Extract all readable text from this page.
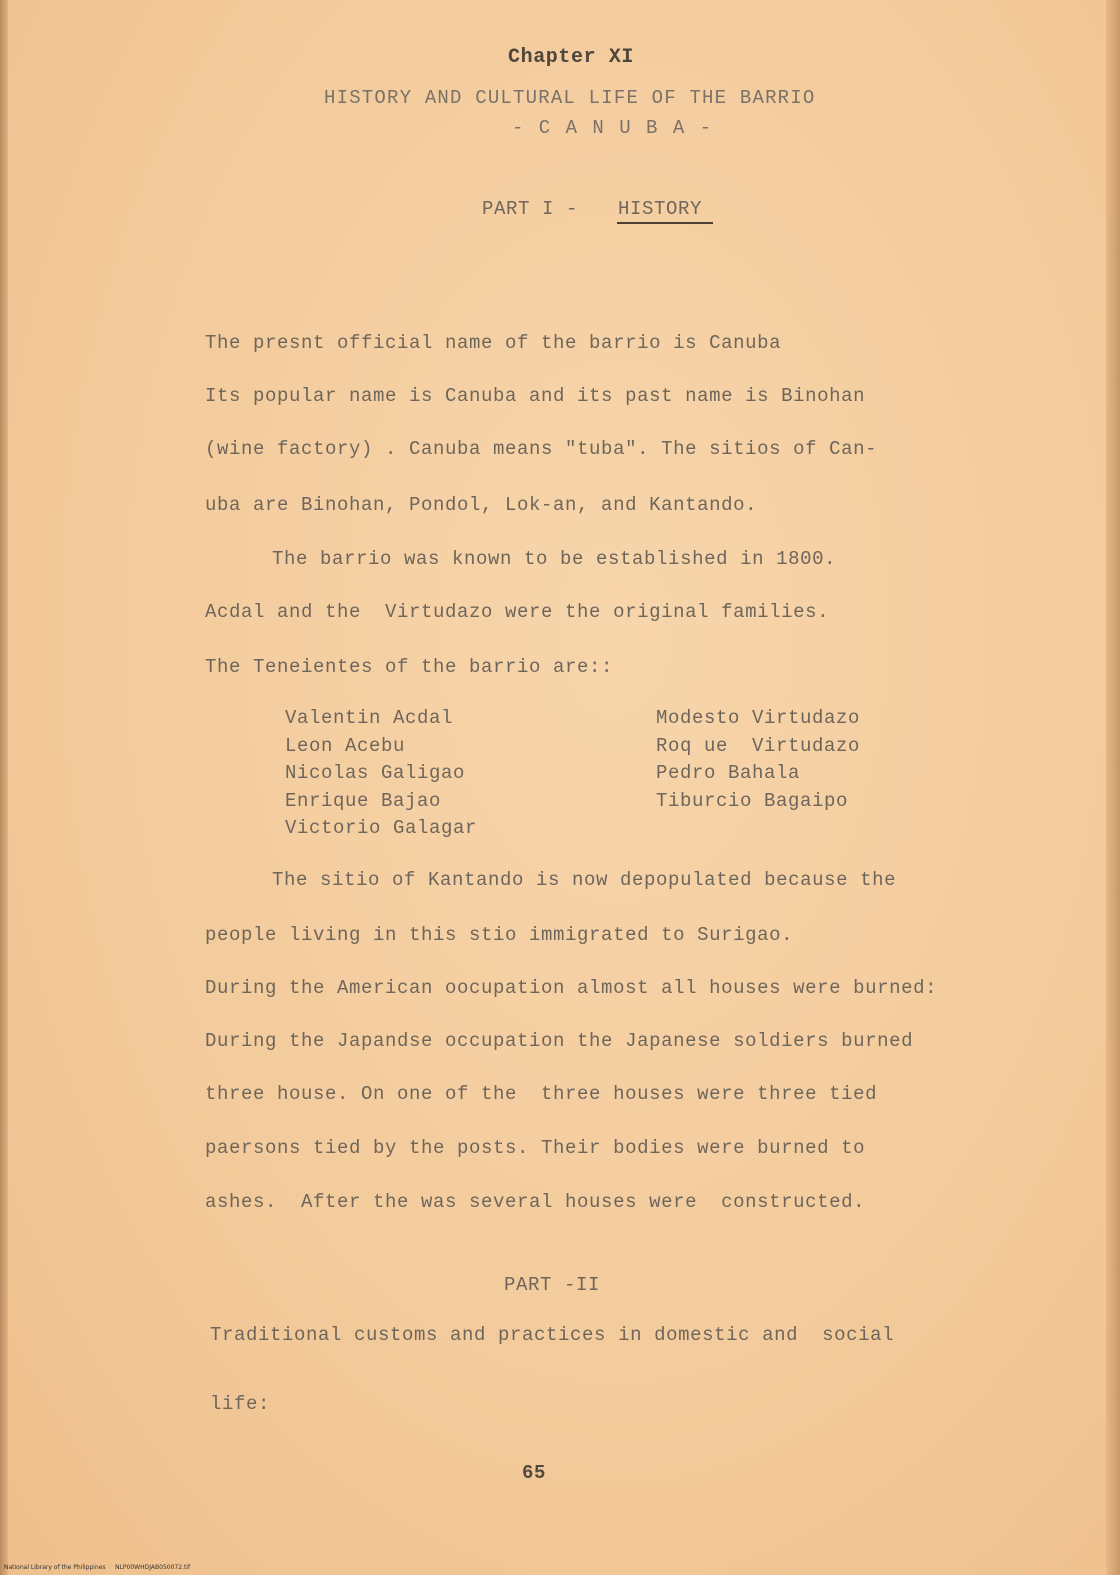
Chapter XI
HISTORY AND CULTURAL LIFE OF THE BARRIO
- C A N U B A -
PART I - HISTORY
The presnt official name of the barrio is Canuba
Its popular name is Canuba and its past name is Binohan
(wine factory) . Canuba means "tuba". The sitios of Can-
uba are Binohan, Pondol, Lok-an, and Kantando.
The barrio was known to be established in 1800.
Acdal and the  Virtudazo were the original families.
The Teneientes of the barrio are::
Valentin Acdal
Leon Acebu
Nicolas Galigao
Enrique Bajao
Victorio Galagar
Modesto Virtudazo
Roq ue  Virtudazo
Pedro Bahala
Tiburcio Bagaipo
The sitio of Kantando is now depopulated because the
people living in this stio immigrated to Surigao.
During the American oocupation almost all houses were burned:
During the Japandse occupation the Japanese soldiers burned
three house. On one of the  three houses were three tied
paersons tied by the posts. Their bodies were burned to
ashes.  After the was several houses were  constructed.
PART -II
Traditional customs and practices in domestic and  social
life:
65
National Library of the Philippines     NLP00WHDJAB050072.tif
